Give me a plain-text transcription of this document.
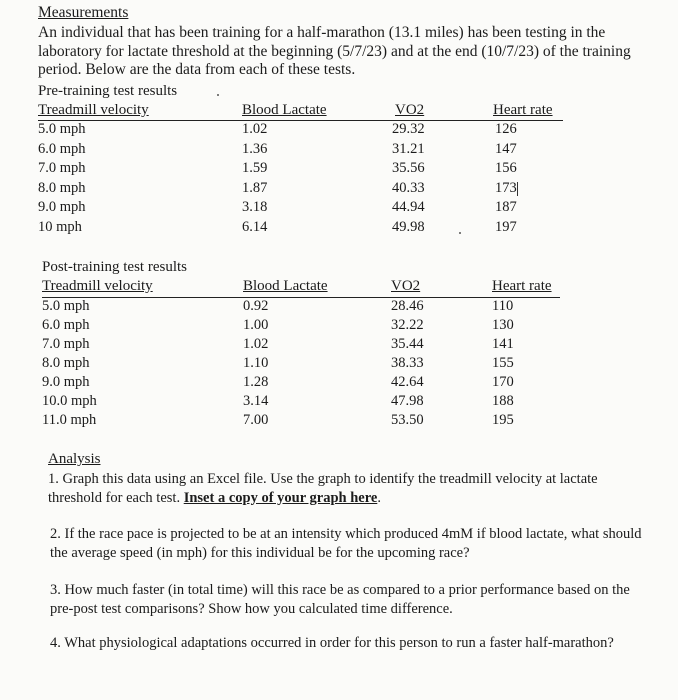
Measurements
An individual that has been training for a half-marathon (13.1 miles) has been testing in the laboratory for lactate threshold at the beginning (5/7/23) and at the end (10/7/23) of the training period. Below are the data from each of these tests.
Pre-training test results
Post-training test results
Analysis
1. Graph this data using an Excel file. Use the graph to identify the treadmill velocity at lactate threshold for each test. Inset a copy of your graph here.
2. If the race pace is projected to be at an intensity which produced 4mM if blood lactate, what should the average speed (in mph) for this individual be for the upcoming race?
3. How much faster (in total time) will this race be as compared to a prior performance based on the pre-post test comparisons? Show how you calculated time difference.
4. What physiological adaptations occurred in order for this person to run a faster half-marathon?
Treadmill velocity	Blood Lactate	VO2	Heart rate
5.0 mph	1.02	29.32	126
6.0 mph	1.36	31.21	147
7.0 mph	1.59	35.56	156
8.0 mph	1.87	40.33	173
9.0 mph	3.18	44.94	187
10 mph	6.14	49.98	197
Treadmill velocity	Blood Lactate	VO2	Heart rate
5.0 mph	0.92	28.46	110
6.0 mph	1.00	32.22	130
7.0 mph	1.02	35.44	141
8.0 mph	1.10	38.33	155
9.0 mph	1.28	42.64	170
10.0 mph	3.14	47.98	188
11.0 mph	7.00	53.50	195
